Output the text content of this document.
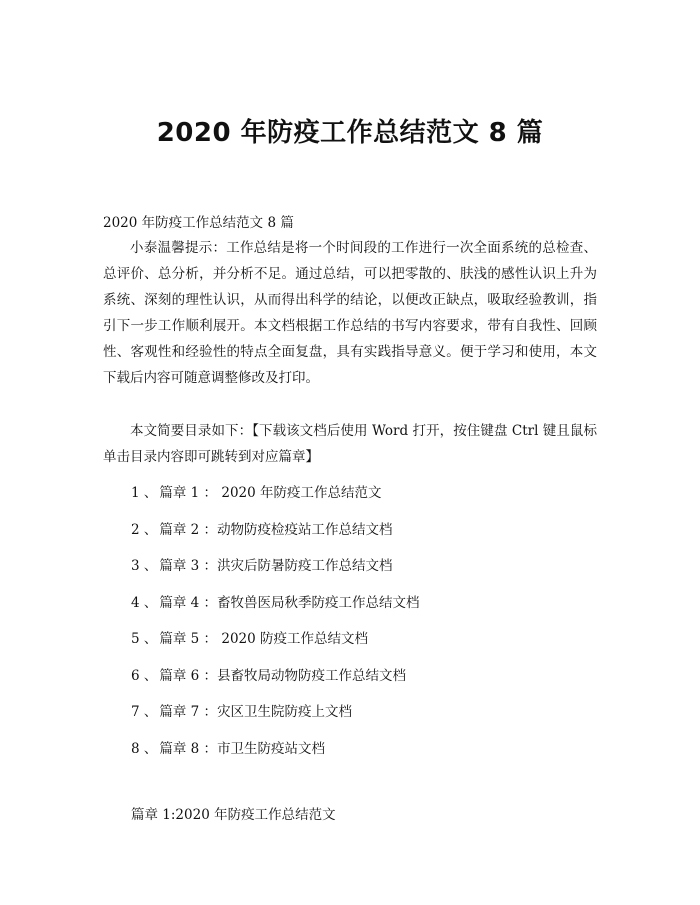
2020 年防疫工作总结范文 8 篇

2020 年防疫工作总结范文 8 篇

小泰温馨提示：工作总结是将一个时间段的工作进行一次全面系统的总检查、总评价、总分析，并分析不足。通过总结，可以把零散的、肤浅的感性认识上升为系统、深刻的理性认识，从而得出科学的结论，以便改正缺点，吸取经验教训，指引下一步工作顺利展开。本文档根据工作总结的书写内容要求，带有自我性、回顾性、客观性和经验性的特点全面复盘，具有实践指导意义。便于学习和使用，本文下载后内容可随意调整修改及打印。

本文简要目录如下：【下载该文档后使用 Word 打开，按住键盘 Ctrl 键且鼠标单击目录内容即可跳转到对应篇章】

1 、 篇章 1 ： 2020 年防疫工作总结范文
2 、 篇章 2 ：动物防疫检疫站工作总结文档
3 、 篇章 3 ：洪灾后防暑防疫工作总结文档
4 、 篇章 4 ：畜牧兽医局秋季防疫工作总结文档
5 、 篇章 5 ： 2020 防疫工作总结文档
6 、 篇章 6 ：县畜牧局动物防疫工作总结文档
7 、 篇章 7 ：灾区卫生院防疫上文档
8 、 篇章 8 ：市卫生防疫站文档

篇章 1:2020 年防疫工作总结范文
